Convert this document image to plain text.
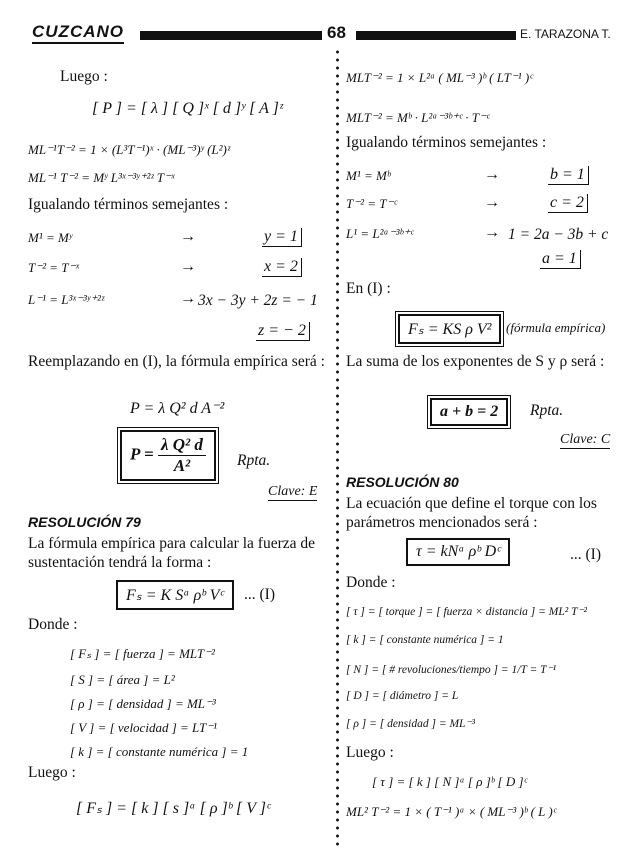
CUZCANO	68	E. TARAZONA T.
Luego :
[ P ] = [ λ ] [ Q ]ˣ [ d ]ʸ [ A ]ᶻ
ML⁻¹T⁻² = 1 × (L³T⁻¹)ˣ · (ML⁻³)ʸ (L²)ᶻ
ML⁻¹ T⁻² = Mʸ L³ˣ⁻³ʸ⁺²ᶻ T⁻ˣ
Igualando términos semejantes :
M¹ = Mʸ	→	y = 1
T⁻² = T⁻ˣ	→	x = 2
L⁻¹ = L³ˣ⁻³ʸ⁺²ᶻ	→ 3x − 3y + 2z = − 1
z = − 2
Reemplazando en (I), la fórmula empírica será :
P = λ Q² d A⁻²
$P = \frac{\text{λ Q² d}}{\text{A²}}$ Rpta.
Clave: E
RESOLUCIÓN 79
La fórmula empírica para calcular la fuerza de sustentación tendrá la forma :
Fₛ = K Sᵃ ρᵇ Vᶜ	... (I)
Donde :
[ Fₛ ] = [ fuerza ] = MLT⁻²
[ S ] = [ área ] = L²
[ ρ ] = [ densidad ] = ML⁻³
[ V ] = [ velocidad ] = LT⁻¹
[ k ] = [ constante numérica ] = 1
Luego :
[ Fₛ ] = [ k ] [ s ]ᵃ [ ρ ]ᵇ [ V ]ᶜ
MLT⁻² = 1 × L²ᵃ ( ML⁻³ )ᵇ ( LT⁻¹ )ᶜ
MLT⁻² = Mᵇ · L²ᵃ⁻³ᵇ⁺ᶜ · T⁻ᶜ
Igualando términos semejantes :
M¹ = Mᵇ	→	b = 1
T⁻² = T⁻ᶜ	→	c = 2
L¹ = L²ᵃ⁻³ᵇ⁺ᶜ	→ 1 = 2a − 3b + c
a = 1
En (I) :
Fₛ = KS ρ V²	(fórmula empírica)
La suma de los exponentes de S y ρ será :
a + b = 2	Rpta.
Clave: C
RESOLUCIÓN 80
La ecuación que define el torque con los parámetros mencionados será :
τ = kNᵃ ρᵇ Dᶜ	... (I)
Donde :
[ τ ] = [ torque ] = [ fuerza × distancia ] = ML² T⁻²
[ k ] = [ constante numérica ] = 1
[ N ] = [ # revoluciones/tiempo ] = 1/T = T⁻¹
[ D ] = [ diámetro ] = L
[ ρ ] = [ densidad ] = ML⁻³
Luego :
[ τ ] = [ k ] [ N ]ᵃ [ ρ ]ᵇ [ D ]ᶜ
ML² T⁻² = 1 × ( T⁻¹ )ᵃ × ( ML⁻³ )ᵇ ( L )ᶜ
